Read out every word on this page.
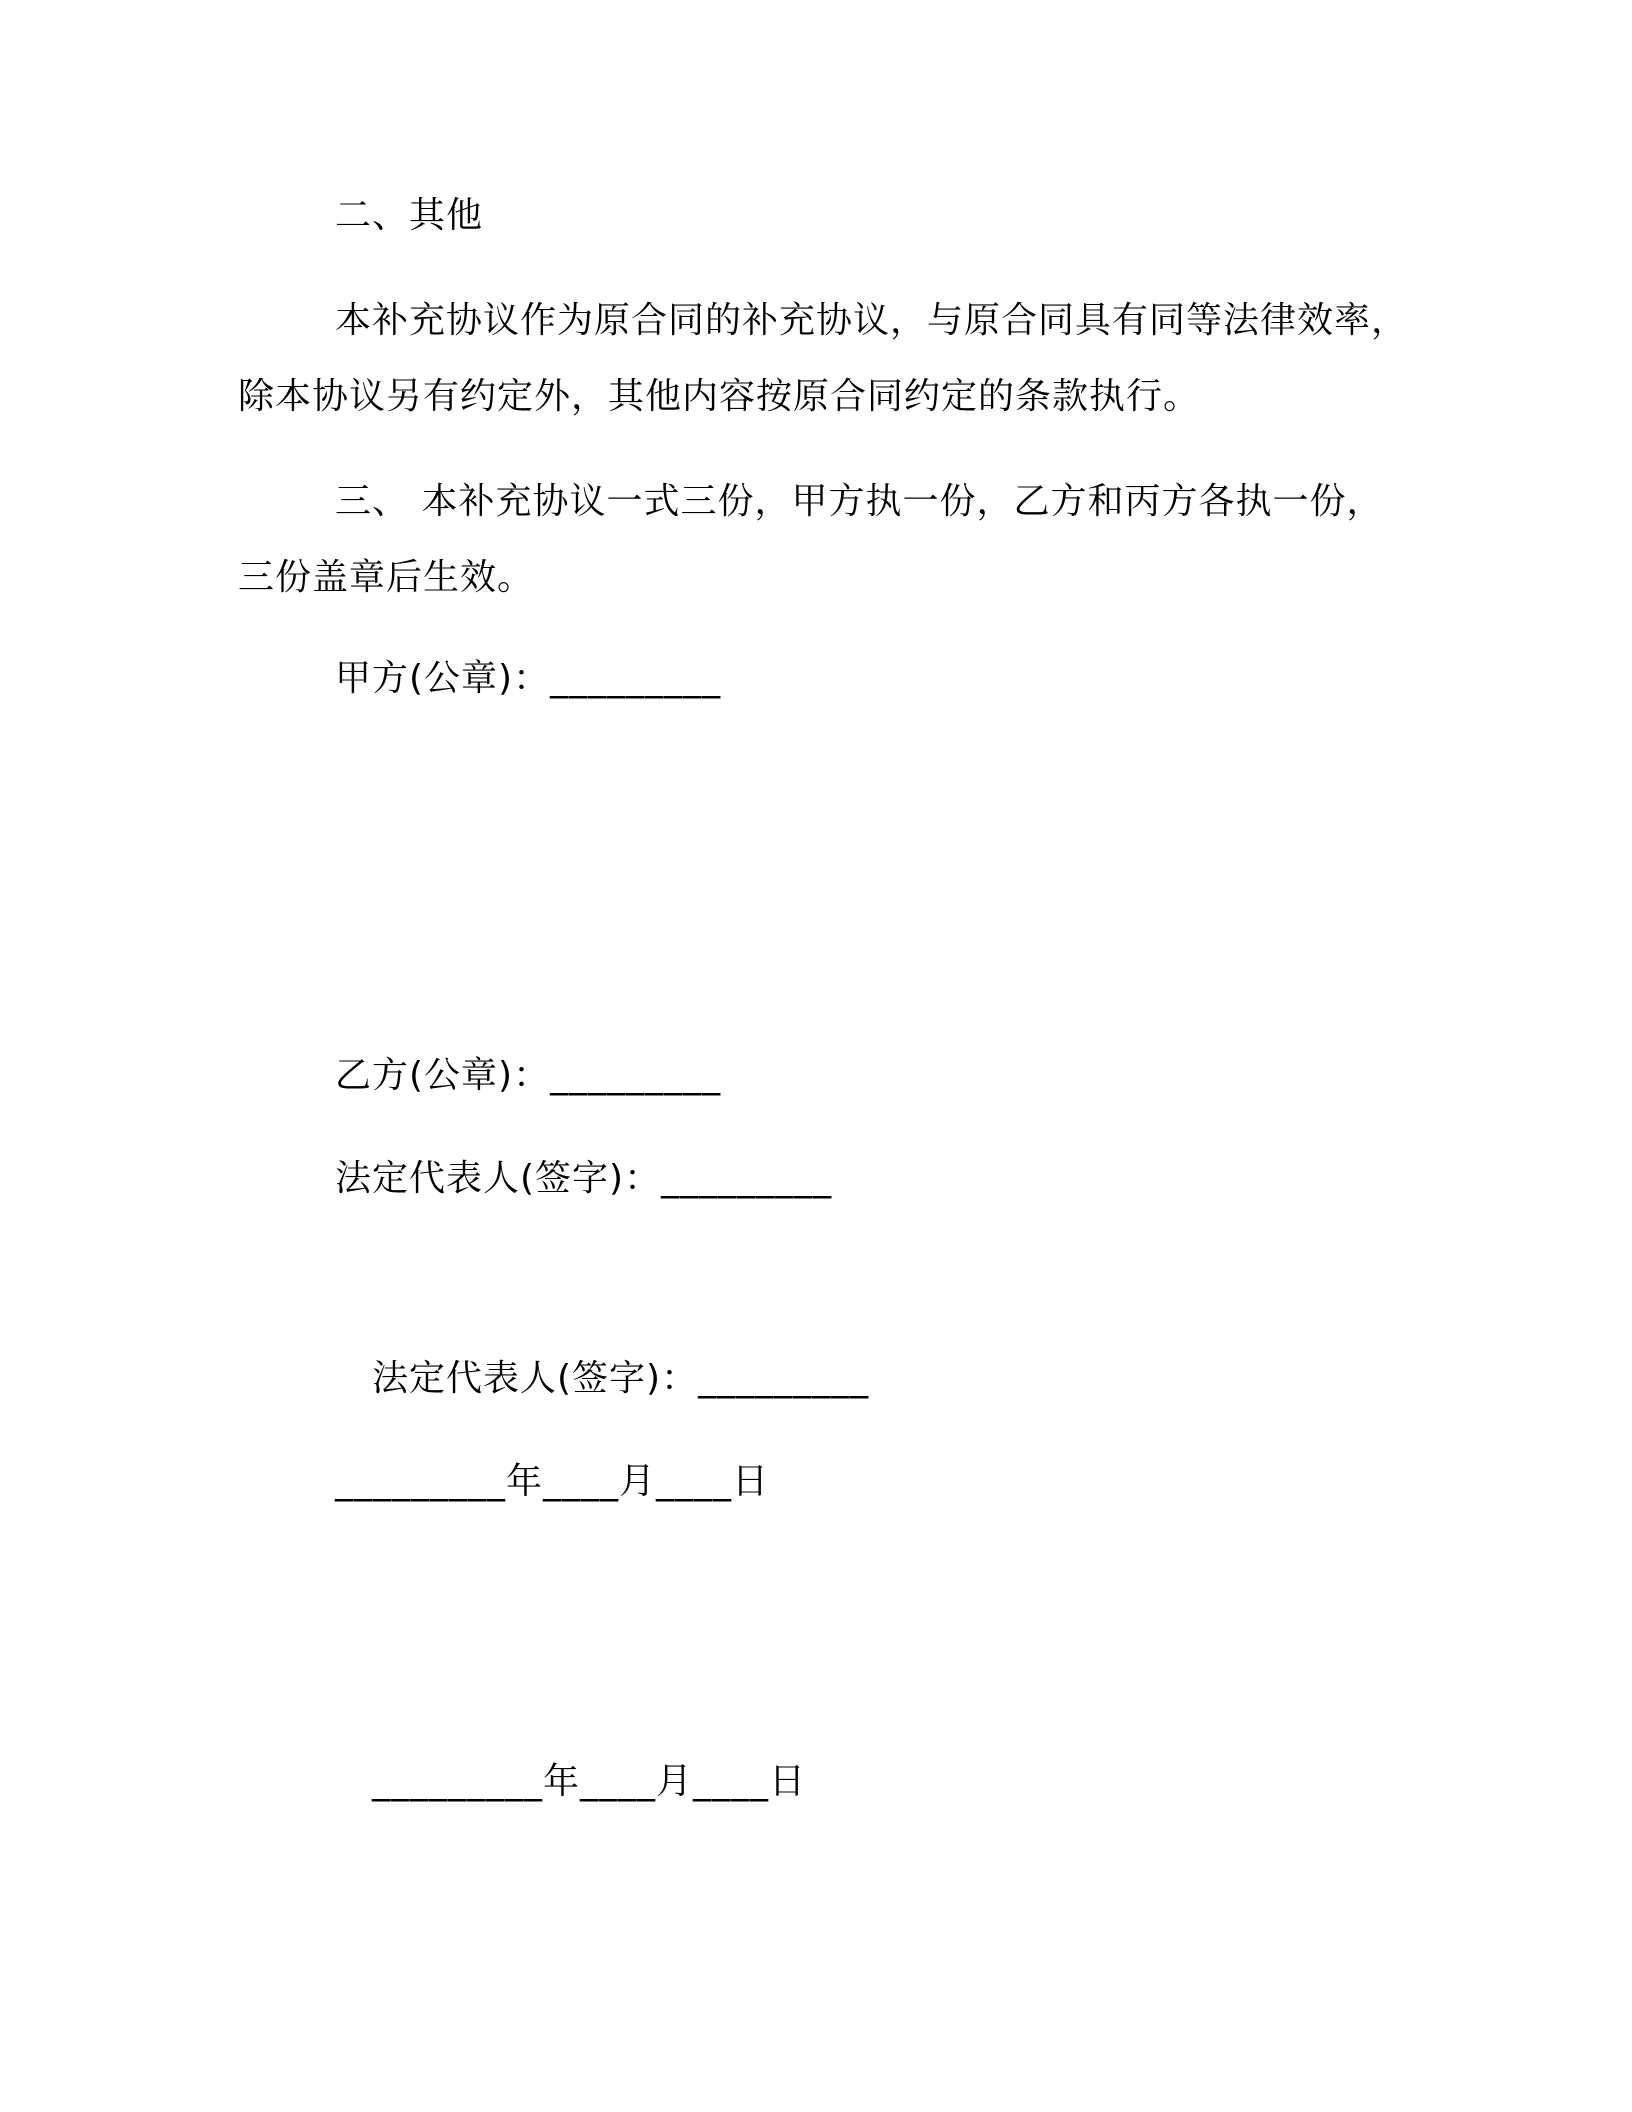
二、其他
本补充协议作为原合同的补充协议，与原合同具有同等法律效率，
除本协议另有约定外，其他内容按原合同约定的条款执行。
三、 本补充协议一式三份，甲方执一份，乙方和丙方各执一份，
三份盖章后生效。
甲方(公章)：_________
乙方(公章)：_________
法定代表人(签字)：_________
法定代表人(签字)：_________
_________年____月____日
_________年____月____日
